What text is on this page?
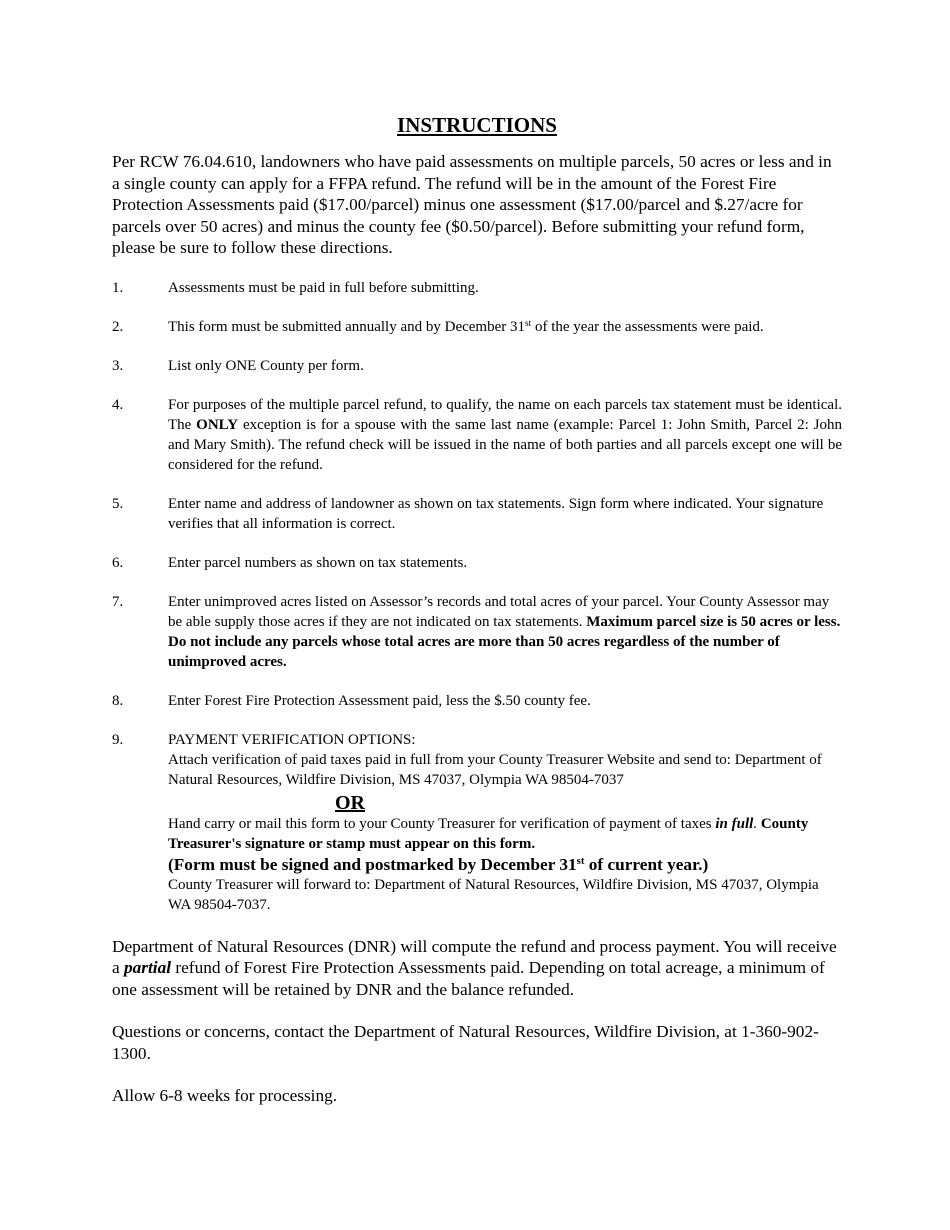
INSTRUCTIONS

Per RCW 76.04.610, landowners who have paid assessments on multiple parcels, 50 acres or less and in a single county can apply for a FFPA refund. The refund will be in the amount of the Forest Fire Protection Assessments paid ($17.00/parcel) minus one assessment ($17.00/parcel and $.27/acre for parcels over 50 acres) and minus the county fee ($0.50/parcel). Before submitting your refund form, please be sure to follow these directions.

1.	Assessments must be paid in full before submitting.
2.	This form must be submitted annually and by December 31st of the year the assessments were paid.
3.	List only ONE County per form.
4.	For purposes of the multiple parcel refund, to qualify, the name on each parcels tax statement must be identical. The ONLY exception is for a spouse with the same last name (example: Parcel 1: John Smith, Parcel 2: John and Mary Smith). The refund check will be issued in the name of both parties and all parcels except one will be considered for the refund.
5.	Enter name and address of landowner as shown on tax statements. Sign form where indicated. Your signature verifies that all information is correct.
6.	Enter parcel numbers as shown on tax statements.
7.	Enter unimproved acres listed on Assessor’s records and total acres of your parcel. Your County Assessor may be able supply those acres if they are not indicated on tax statements. Maximum parcel size is 50 acres or less. Do not include any parcels whose total acres are more than 50 acres regardless of the number of unimproved acres.
8.	Enter Forest Fire Protection Assessment paid, less the $.50 county fee.
9.	PAYMENT VERIFICATION OPTIONS:
Attach verification of paid taxes paid in full from your County Treasurer Website and send to: Department of Natural Resources, Wildfire Division, MS 47037, Olympia WA 98504-7037
OR
Hand carry or mail this form to your County Treasurer for verification of payment of taxes in full. County Treasurer's signature or stamp must appear on this form.
(Form must be signed and postmarked by December 31st of current year.)
County Treasurer will forward to: Department of Natural Resources, Wildfire Division, MS 47037, Olympia WA 98504-7037.

Department of Natural Resources (DNR) will compute the refund and process payment. You will receive a partial refund of Forest Fire Protection Assessments paid. Depending on total acreage, a minimum of one assessment will be retained by DNR and the balance refunded.

Questions or concerns, contact the Department of Natural Resources, Wildfire Division, at 1-360-902-1300.

Allow 6-8 weeks for processing.
